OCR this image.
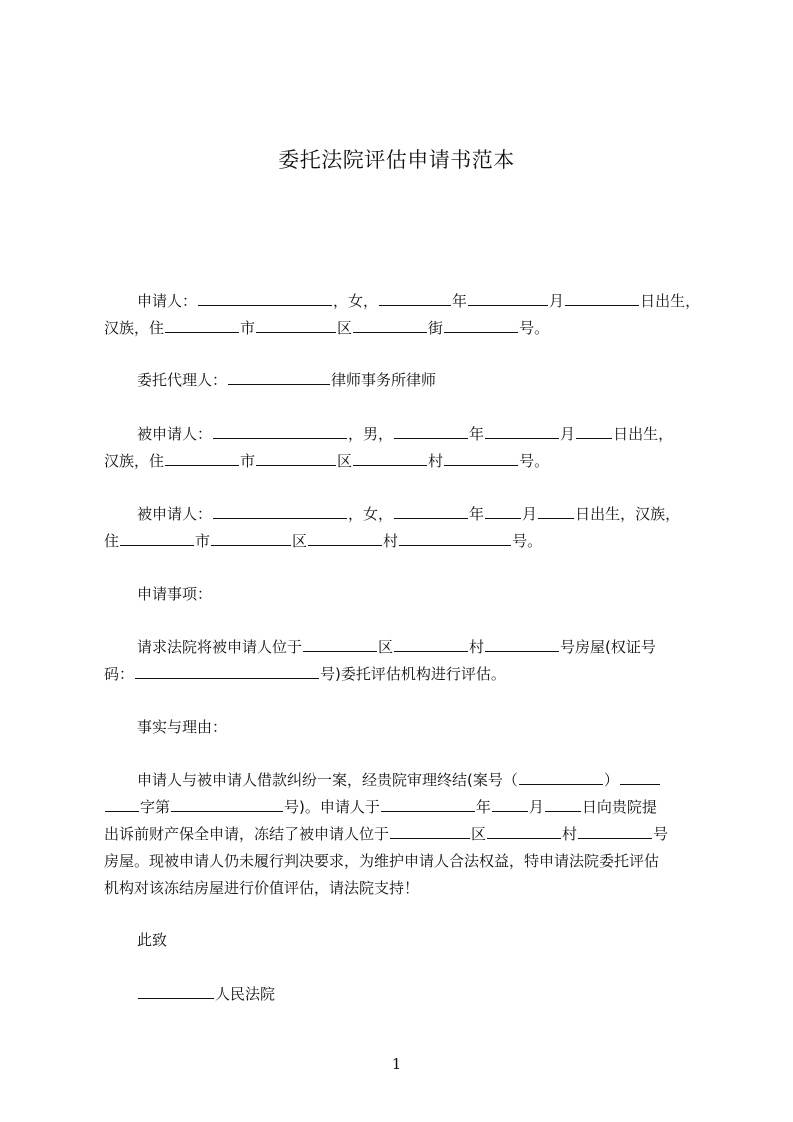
委托法院评估申请书范本
申请人：	，女，	年	月	日出生，
汉族，住	市	区	街	号。
委托代理人：	律师事务所律师
被申请人：	，男，	年	月	日出生，
汉族，住	市	区	村	号。
被申请人：	，女，	年	月	日出生，汉族，
住	市	区	村	号。
申请事项：
请求法院将被申请人位于	区	村	号房屋(权证号
码：	号)委托评估机构进行评估。
事实与理由：
申请人与被申请人借款纠纷一案，经贵院审理终结(案号（	）
字第	号)。申请人于	年	月	日向贵院提
出诉前财产保全申请，冻结了被申请人位于	区	村	号
房屋。现被申请人仍未履行判决要求，为维护申请人合法权益，特申请法院委托评估
机构对该冻结房屋进行价值评估，请法院支持！
此致
人民法院
1
